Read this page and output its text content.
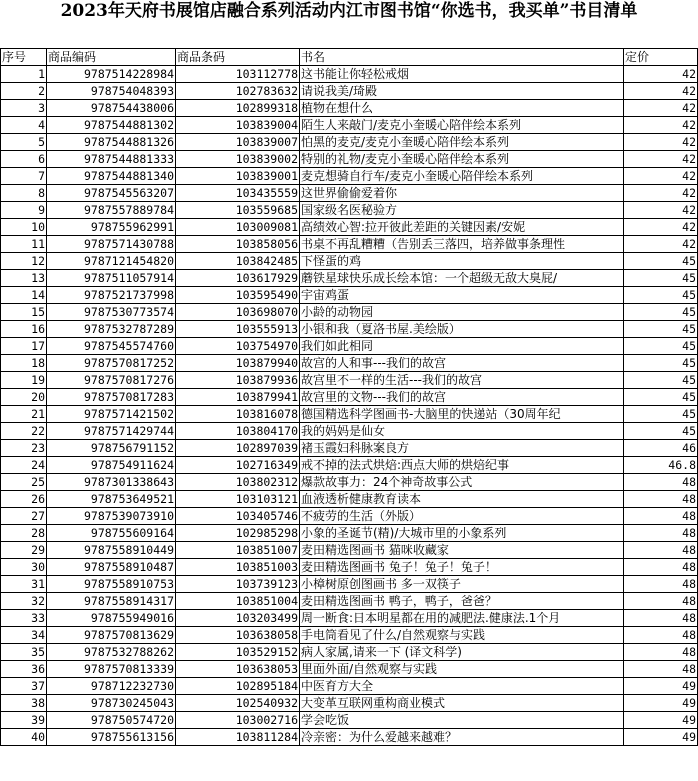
2023年天府书展馆店融合系列活动内江市图书馆“你选书，我买单”书目清单
序号	商品编码	商品条码	书名	定价
1	9787514228984	103112778	这书能让你轻松戒烟	42
2	978754048393	102783632	请说我美/琦殿	42
3	978754438006	102899318	植物在想什么	42
4	9787544881302	103839004	陌生人来敲门/麦克小奎暖心陪伴绘本系列	42
5	9787544881326	103839007	怕黑的麦克/麦克小奎暖心陪伴绘本系列	42
6	9787544881333	103839002	特别的礼物/麦克小奎暖心陪伴绘本系列	42
7	9787544881340	103839001	麦克想骑自行车/麦克小奎暖心陪伴绘本系列	42
8	9787545563207	103435559	这世界偷偷爱着你	42
9	9787557889784	103559685	国家级名医秘验方	42
10	978755962991	103009081	高绩效心智:拉开彼此差距的关键因素/安妮	42
11	9787571430788	103858056	书桌不再乱糟糟（告别丢三落四，培养做事条理性	42
12	9787121454820	103842485	下怪蛋的鸡	45
13	9787511057914	103617929	蘑铁星球快乐成长绘本馆：一个超级无敌大臭屁/	45
14	9787521737998	103595490	宇宙鸡蛋	45
15	9787530773574	103698070	小龄的动物园	45
16	9787532787289	103555913	小银和我（夏洛书屋.美绘版）	45
17	9787545574760	103754970	我们如此相同	45
18	9787570817252	103879940	故宫的人和事---我们的故宫	45
19	9787570817276	103879936	故宫里不一样的生活---我们的故宫	45
20	9787570817283	103879941	故宫里的文物---我们的故宫	45
21	9787571421502	103816078	德国精选科学图画书-大脑里的快递站（30周年纪	45
22	9787571429744	103804170	我的妈妈是仙女	45
23	978756791152	102897039	褚玉霞妇科脉案良方	46
24	978754911624	102716349	戒不掉的法式烘焙:西点大师的烘焙纪事	46.8
25	9787301338643	103802312	爆款故事力：24个神奇故事公式	48
26	978753649521	103103121	血液透析健康教育读本	48
27	9787539073910	103405746	不疲劳的生活（外版）	48
28	978755609164	102985298	小象的圣诞节(精)/大城市里的小象系列	48
29	9787558910449	103851007	麦田精选图画书 猫咪收藏家	48
30	9787558910487	103851003	麦田精选图画书 兔子！兔子！兔子！	48
31	9787558910753	103739123	小樟树原创图画书 多一双筷子	48
32	9787558914317	103851004	麦田精选图画书 鸭子，鸭子，爸爸？	48
33	978755949016	103203499	周一断食:日本明星都在用的减肥法.健康法.1个月	48
34	9787570813629	103638058	手电筒看见了什么/自然观察与实践	48
35	9787532788262	103529152	病人家属,请来一下 (译文科学)	48
36	9787570813339	103638053	里面外面/自然观察与实践	48
37	978712232730	102895184	中医育方大全	49
38	978730245043	102540932	大变革互联网重构商业模式	49
39	978750574720	103002716	学会吃饭	49
40	978755613156	103811284	冷亲密：为什么爱越来越难？	49
